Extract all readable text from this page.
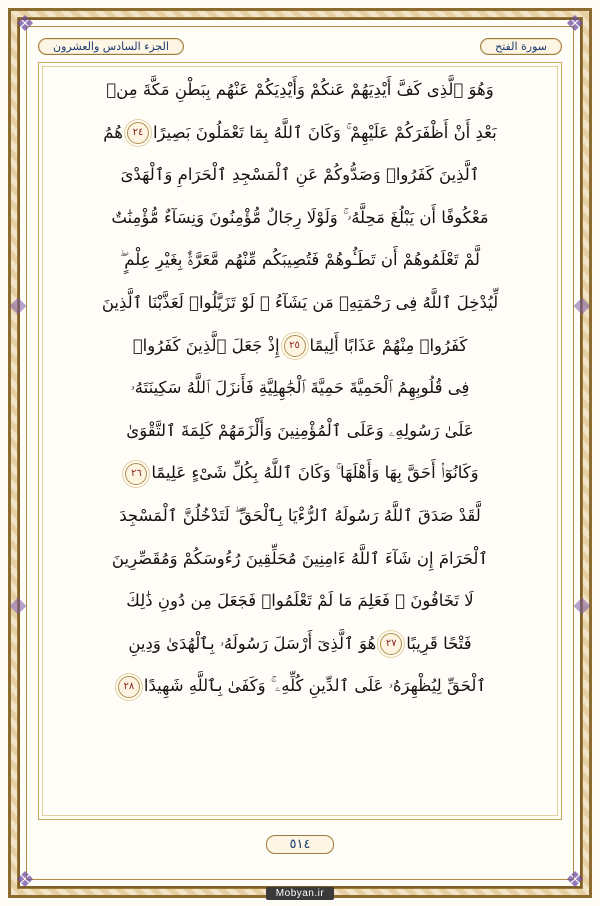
❖	❖
❖	❖
سورة الفتح
الجزء السادس والعشرون
وَهُوَ ٱلَّذِى كَفَّ أَيْدِيَهُمْ عَنكُمْ وَأَيْدِيَكُمْ عَنْهُم بِبَطْنِ مَكَّةَ مِنۢ
بَعْدِ أَنْ أَظْفَرَكُمْ عَلَيْهِمْ ۚ وَكَانَ ٱللَّهُ بِمَا تَعْمَلُونَ بَصِيرًا٢٤هُمُ
ٱلَّذِينَ كَفَرُوا۟ وَصَدُّوكُمْ عَنِ ٱلْمَسْجِدِ ٱلْحَرَامِ وَٱلْهَدْىَ
مَعْكُوفًا أَن يَبْلُغَ مَحِلَّهُۥ ۚ وَلَوْلَا رِجَالٌ مُّؤْمِنُونَ وَنِسَآءٌ مُّؤْمِنَٰتٌ
لَّمْ تَعْلَمُوهُمْ أَن تَطَـُٔوهُمْ فَتُصِيبَكُم مِّنْهُم مَّعَرَّةٌۢ بِغَيْرِ عِلْمٍ ۖ
لِّيُدْخِلَ ٱللَّهُ فِى رَحْمَتِهِۦ مَن يَشَآءُ ۚ لَوْ تَزَيَّلُوا۟ لَعَذَّبْنَا ٱلَّذِينَ
كَفَرُوا۟ مِنْهُمْ عَذَابًا أَلِيمًا٢٥إِذْ جَعَلَ ٱلَّذِينَ كَفَرُوا۟
فِى قُلُوبِهِمُ ٱلْحَمِيَّةَ حَمِيَّةَ ٱلْجَٰهِلِيَّةِ فَأَنزَلَ ٱللَّهُ سَكِينَتَهُۥ
عَلَىٰ رَسُولِهِۦ وَعَلَى ٱلْمُؤْمِنِينَ وَأَلْزَمَهُمْ كَلِمَةَ ٱلتَّقْوَىٰ
وَكَانُوٓا۟ أَحَقَّ بِهَا وَأَهْلَهَا ۚ وَكَانَ ٱللَّهُ بِكُلِّ شَىْءٍ عَلِيمًا٢٦
لَّقَدْ صَدَقَ ٱللَّهُ رَسُولَهُ ٱلرُّءْيَا بِٱلْحَقِّ ۖ لَتَدْخُلُنَّ ٱلْمَسْجِدَ
ٱلْحَرَامَ إِن شَآءَ ٱللَّهُ ءَامِنِينَ مُحَلِّقِينَ رُءُوسَكُمْ وَمُقَصِّرِينَ
لَا تَخَافُونَ ۖ فَعَلِمَ مَا لَمْ تَعْلَمُوا۟ فَجَعَلَ مِن دُونِ ذَٰلِكَ
فَتْحًا قَرِيبًا٢٧هُوَ ٱلَّذِىٓ أَرْسَلَ رَسُولَهُۥ بِٱلْهُدَىٰ وَدِينِ
ٱلْحَقِّ لِيُظْهِرَهُۥ عَلَى ٱلدِّينِ كُلِّهِۦ ۚ وَكَفَىٰ بِٱللَّهِ شَهِيدًا٢٨
٥١٤
Mobyan.ir
